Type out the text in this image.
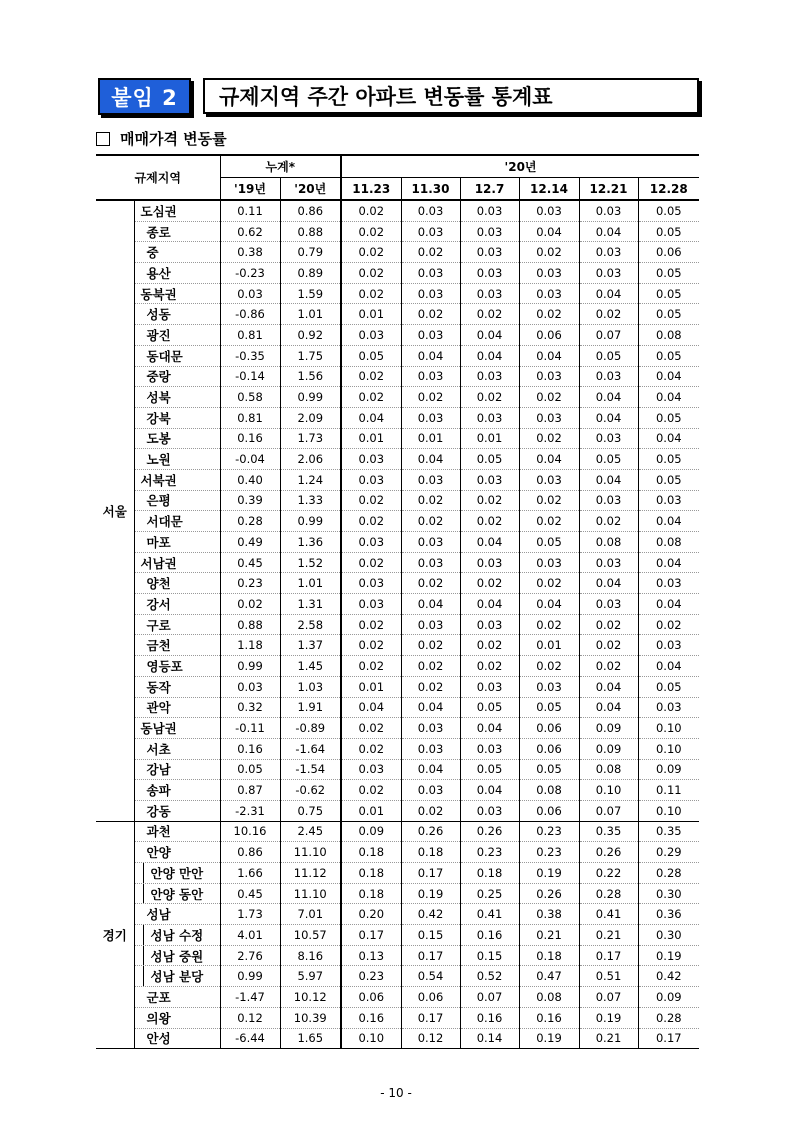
붙임 2	규제지역 주간 아파트 변동률 통계표
매매가격 변동률
규제지역		누계*		'20년					
		'19년	'20년	11.23	11.30	12.7	12.14	12.21	12.28
서울	도심권	0.11	0.86	0.02	0.03	0.03	0.03	0.03	0.05
	종로	0.62	0.88	0.02	0.03	0.03	0.04	0.04	0.05
	중	0.38	0.79	0.02	0.02	0.03	0.02	0.03	0.06
	용산	-0.23	0.89	0.02	0.03	0.03	0.03	0.03	0.05
	동북권	0.03	1.59	0.02	0.03	0.03	0.03	0.04	0.05
	성동	-0.86	1.01	0.01	0.02	0.02	0.02	0.02	0.05
	광진	0.81	0.92	0.03	0.03	0.04	0.06	0.07	0.08
	동대문	-0.35	1.75	0.05	0.04	0.04	0.04	0.05	0.05
	중랑	-0.14	1.56	0.02	0.03	0.03	0.03	0.03	0.04
	성북	0.58	0.99	0.02	0.02	0.02	0.02	0.04	0.04
	강북	0.81	2.09	0.04	0.03	0.03	0.03	0.04	0.05
	도봉	0.16	1.73	0.01	0.01	0.01	0.02	0.03	0.04
	노원	-0.04	2.06	0.03	0.04	0.05	0.04	0.05	0.05
	서북권	0.40	1.24	0.03	0.03	0.03	0.03	0.04	0.05
	은평	0.39	1.33	0.02	0.02	0.02	0.02	0.03	0.03
	서대문	0.28	0.99	0.02	0.02	0.02	0.02	0.02	0.04
	마포	0.49	1.36	0.03	0.03	0.04	0.05	0.08	0.08
	서남권	0.45	1.52	0.02	0.03	0.03	0.03	0.03	0.04
	양천	0.23	1.01	0.03	0.02	0.02	0.02	0.04	0.03
	강서	0.02	1.31	0.03	0.04	0.04	0.04	0.03	0.04
	구로	0.88	2.58	0.02	0.03	0.03	0.02	0.02	0.02
	금천	1.18	1.37	0.02	0.02	0.02	0.01	0.02	0.03
	영등포	0.99	1.45	0.02	0.02	0.02	0.02	0.02	0.04
	동작	0.03	1.03	0.01	0.02	0.03	0.03	0.04	0.05
	관악	0.32	1.91	0.04	0.04	0.05	0.05	0.04	0.03
	동남권	-0.11	-0.89	0.02	0.03	0.04	0.06	0.09	0.10
	서초	0.16	-1.64	0.02	0.03	0.03	0.06	0.09	0.10
	강남	0.05	-1.54	0.03	0.04	0.05	0.05	0.08	0.09
	송파	0.87	-0.62	0.02	0.03	0.04	0.08	0.10	0.11
	강동	-2.31	0.75	0.01	0.02	0.03	0.06	0.07	0.10
경기	과천	10.16	2.45	0.09	0.26	0.26	0.23	0.35	0.35
	안양	0.86	11.10	0.18	0.18	0.23	0.23	0.26	0.29
	안양 만안	1.66	11.12	0.18	0.17	0.18	0.19	0.22	0.28
	안양 동안	0.45	11.10	0.18	0.19	0.25	0.26	0.28	0.30
	성남	1.73	7.01	0.20	0.42	0.41	0.38	0.41	0.36
	성남 수정	4.01	10.57	0.17	0.15	0.16	0.21	0.21	0.30
	성남 중원	2.76	8.16	0.13	0.17	0.15	0.18	0.17	0.19
	성남 분당	0.99	5.97	0.23	0.54	0.52	0.47	0.51	0.42
	군포	-1.47	10.12	0.06	0.06	0.07	0.08	0.07	0.09
	의왕	0.12	10.39	0.16	0.17	0.16	0.16	0.19	0.28
	안성	-6.44	1.65	0.10	0.12	0.14	0.19	0.21	0.17
- 10 -
